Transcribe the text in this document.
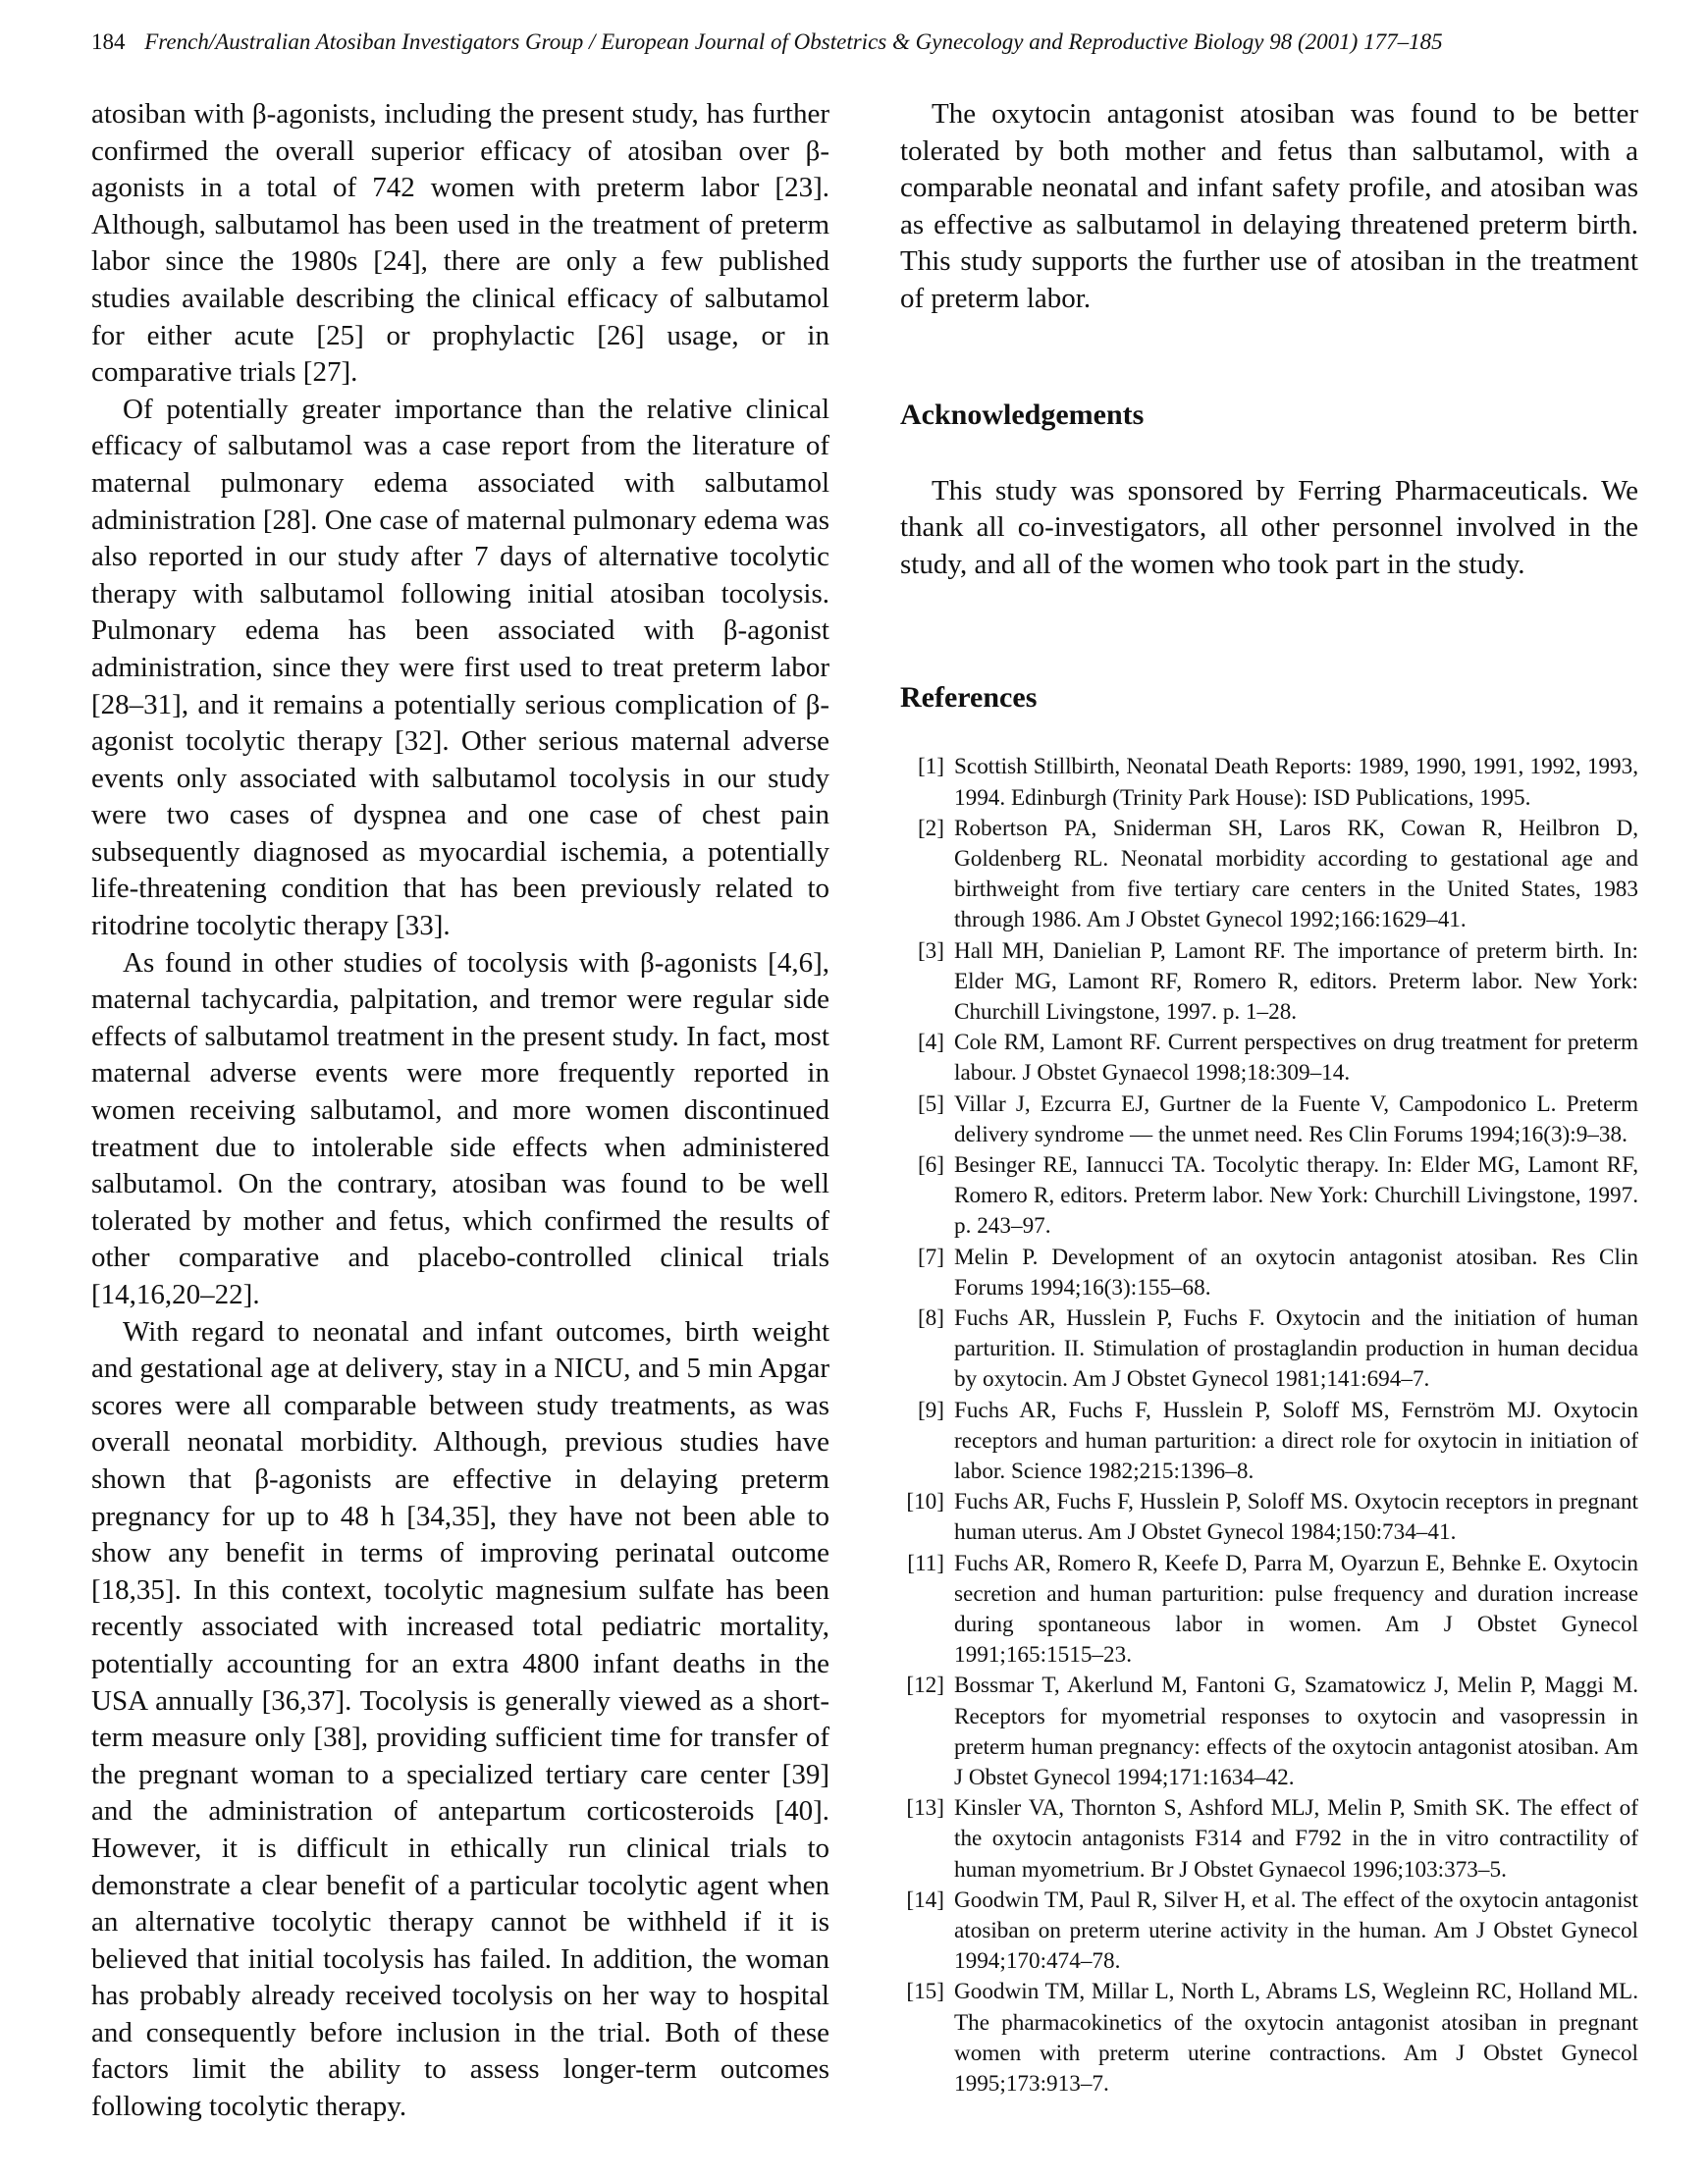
184 French/Australian Atosiban Investigators Group / European Journal of Obstetrics & Gynecology and Reproductive Biology 98 (2001) 177–185

atosiban with β-agonists, including the present study, has further confirmed the overall superior efficacy of atosiban over β-agonists in a total of 742 women with preterm labor [23]. Although, salbutamol has been used in the treatment of preterm labor since the 1980s [24], there are only a few published studies available describing the clinical efficacy of salbutamol for either acute [25] or prophylactic [26] usage, or in comparative trials [27].

Of potentially greater importance than the relative clinical efficacy of salbutamol was a case report from the literature of maternal pulmonary edema associated with salbutamol administration [28]. One case of maternal pulmonary edema was also reported in our study after 7 days of alternative tocolytic therapy with salbutamol following initial atosiban tocolysis. Pulmonary edema has been associated with β-agonist administration, since they were first used to treat preterm labor [28–31], and it remains a potentially serious complication of β-agonist tocolytic therapy [32]. Other serious maternal adverse events only associated with salbutamol tocolysis in our study were two cases of dyspnea and one case of chest pain subsequently diagnosed as myocardial ischemia, a potentially life-threatening condition that has been previously related to ritodrine tocolytic therapy [33].

As found in other studies of tocolysis with β-agonists [4,6], maternal tachycardia, palpitation, and tremor were regular side effects of salbutamol treatment in the present study. In fact, most maternal adverse events were more frequently reported in women receiving salbutamol, and more women discontinued treatment due to intolerable side effects when administered salbutamol. On the contrary, atosiban was found to be well tolerated by mother and fetus, which confirmed the results of other comparative and placebo-controlled clinical trials [14,16,20–22].

With regard to neonatal and infant outcomes, birth weight and gestational age at delivery, stay in a NICU, and 5 min Apgar scores were all comparable between study treatments, as was overall neonatal morbidity. Although, previous studies have shown that β-agonists are effective in delaying preterm pregnancy for up to 48 h [34,35], they have not been able to show any benefit in terms of improving perinatal outcome [18,35]. In this context, tocolytic magnesium sulfate has been recently associated with increased total pediatric mortality, potentially accounting for an extra 4800 infant deaths in the USA annually [36,37]. Tocolysis is generally viewed as a short-term measure only [38], providing sufficient time for transfer of the pregnant woman to a specialized tertiary care center [39] and the administration of antepartum corticosteroids [40]. However, it is difficult in ethically run clinical trials to demonstrate a clear benefit of a particular tocolytic agent when an alternative tocolytic therapy cannot be withheld if it is believed that initial tocolysis has failed. In addition, the woman has probably already received tocolysis on her way to hospital and consequently before inclusion in the trial. Both of these factors limit the ability to assess longer-term outcomes following tocolytic therapy.

The oxytocin antagonist atosiban was found to be better tolerated by both mother and fetus than salbutamol, with a comparable neonatal and infant safety profile, and atosiban was as effective as salbutamol in delaying threatened preterm birth. This study supports the further use of atosiban in the treatment of preterm labor.

Acknowledgements

This study was sponsored by Ferring Pharmaceuticals. We thank all co-investigators, all other personnel involved in the study, and all of the women who took part in the study.

References
[1] Scottish Stillbirth, Neonatal Death Reports: 1989, 1990, 1991, 1992, 1993, 1994. Edinburgh (Trinity Park House): ISD Publications, 1995.
[2] Robertson PA, Sniderman SH, Laros RK, Cowan R, Heilbron D, Goldenberg RL. Neonatal morbidity according to gestational age and birthweight from five tertiary care centers in the United States, 1983 through 1986. Am J Obstet Gynecol 1992;166:1629–41.
[3] Hall MH, Danielian P, Lamont RF. The importance of preterm birth. In: Elder MG, Lamont RF, Romero R, editors. Preterm labor. New York: Churchill Livingstone, 1997. p. 1–28.
[4] Cole RM, Lamont RF. Current perspectives on drug treatment for preterm labour. J Obstet Gynaecol 1998;18:309–14.
[5] Villar J, Ezcurra EJ, Gurtner de la Fuente V, Campodonico L. Preterm delivery syndrome — the unmet need. Res Clin Forums 1994;16(3):9–38.
[6] Besinger RE, Iannucci TA. Tocolytic therapy. In: Elder MG, Lamont RF, Romero R, editors. Preterm labor. New York: Churchill Livingstone, 1997. p. 243–97.
[7] Melin P. Development of an oxytocin antagonist atosiban. Res Clin Forums 1994;16(3):155–68.
[8] Fuchs AR, Husslein P, Fuchs F. Oxytocin and the initiation of human parturition. II. Stimulation of prostaglandin production in human decidua by oxytocin. Am J Obstet Gynecol 1981;141:694–7.
[9] Fuchs AR, Fuchs F, Husslein P, Soloff MS, Fernström MJ. Oxytocin receptors and human parturition: a direct role for oxytocin in initiation of labor. Science 1982;215:1396–8.
[10] Fuchs AR, Fuchs F, Husslein P, Soloff MS. Oxytocin receptors in pregnant human uterus. Am J Obstet Gynecol 1984;150:734–41.
[11] Fuchs AR, Romero R, Keefe D, Parra M, Oyarzun E, Behnke E. Oxytocin secretion and human parturition: pulse frequency and duration increase during spontaneous labor in women. Am J Obstet Gynecol 1991;165:1515–23.
[12] Bossmar T, Akerlund M, Fantoni G, Szamatowicz J, Melin P, Maggi M. Receptors for myometrial responses to oxytocin and vasopressin in preterm human pregnancy: effects of the oxytocin antagonist atosiban. Am J Obstet Gynecol 1994;171:1634–42.
[13] Kinsler VA, Thornton S, Ashford MLJ, Melin P, Smith SK. The effect of the oxytocin antagonists F314 and F792 in the in vitro contractility of human myometrium. Br J Obstet Gynaecol 1996;103:373–5.
[14] Goodwin TM, Paul R, Silver H, et al. The effect of the oxytocin antagonist atosiban on preterm uterine activity in the human. Am J Obstet Gynecol 1994;170:474–78.
[15] Goodwin TM, Millar L, North L, Abrams LS, Wegleinn RC, Holland ML. The pharmacokinetics of the oxytocin antagonist atosiban in pregnant women with preterm uterine contractions. Am J Obstet Gynecol 1995;173:913–7.
